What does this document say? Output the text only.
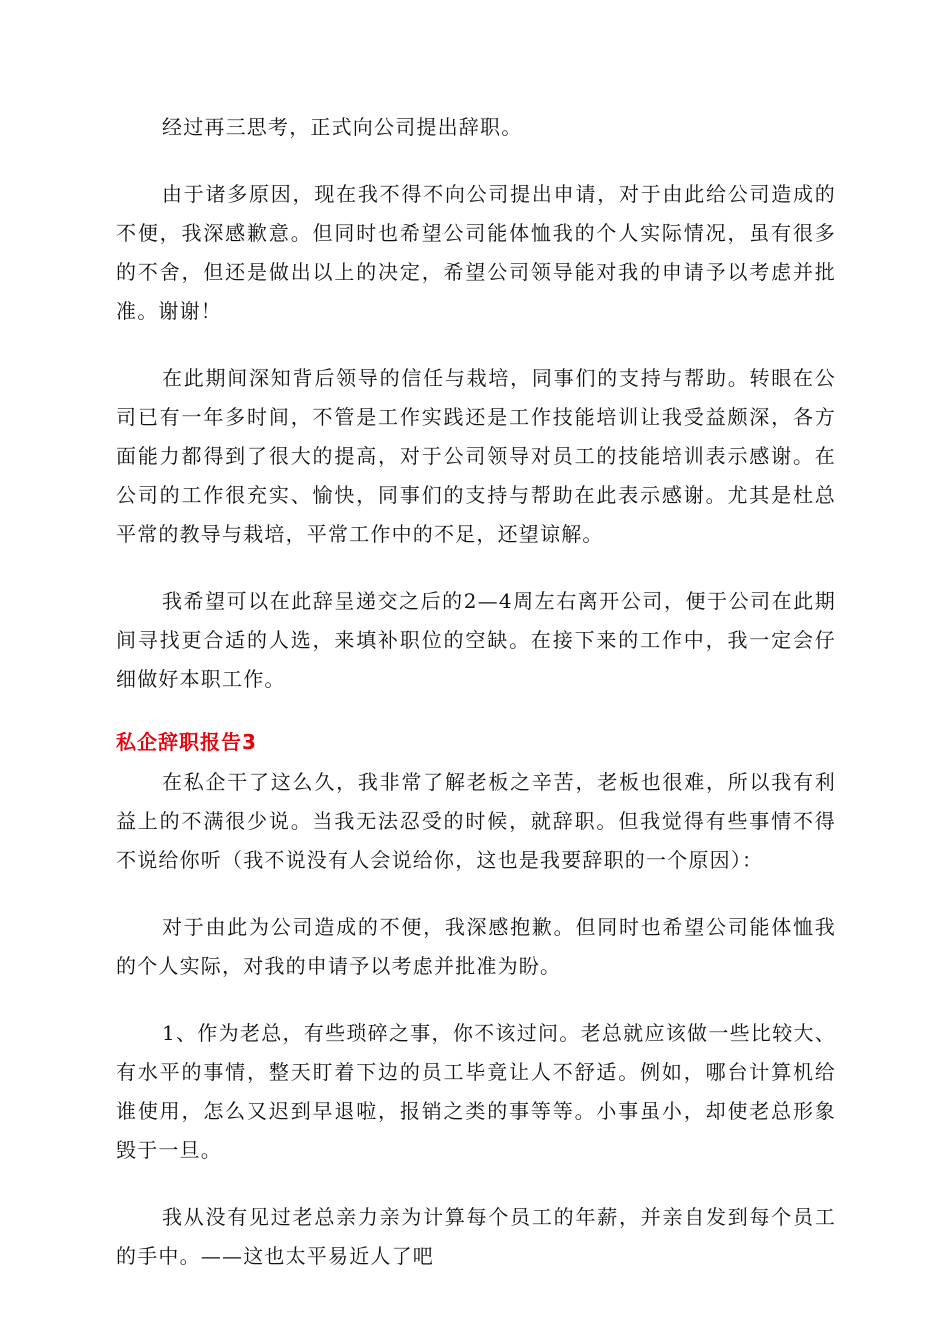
经过再三思考，正式向公司提出辞职。

由于诸多原因，现在我不得不向公司提出申请，对于由此给公司造成的不便，我深感歉意。但同时也希望公司能体恤我的个人实际情况，虽有很多的不舍，但还是做出以上的决定，希望公司领导能对我的申请予以考虑并批准。谢谢！

在此期间深知背后领导的信任与栽培，同事们的支持与帮助。转眼在公司已有一年多时间，不管是工作实践还是工作技能培训让我受益颇深，各方面能力都得到了很大的提高，对于公司领导对员工的技能培训表示感谢。在公司的工作很充实、愉快，同事们的支持与帮助在此表示感谢。尤其是杜总平常的教导与栽培，平常工作中的不足，还望谅解。

我希望可以在此辞呈递交之后的2—4周左右离开公司，便于公司在此期间寻找更合适的人选，来填补职位的空缺。在接下来的工作中，我一定会仔细做好本职工作。

私企辞职报告3

在私企干了这么久，我非常了解老板之辛苦，老板也很难，所以我有利益上的不满很少说。当我无法忍受的时候，就辞职。但我觉得有些事情不得不说给你听（我不说没有人会说给你，这也是我要辞职的一个原因）：

对于由此为公司造成的不便，我深感抱歉。但同时也希望公司能体恤我的个人实际，对我的申请予以考虑并批准为盼。

1、作为老总，有些琐碎之事，你不该过问。老总就应该做一些比较大、有水平的事情，整天盯着下边的员工毕竟让人不舒适。例如，哪台计算机给谁使用，怎么又迟到早退啦，报销之类的事等等。小事虽小，却使老总形象毁于一旦。

我从没有见过老总亲力亲为计算每个员工的年薪，并亲自发到每个员工的手中。——这也太平易近人了吧
